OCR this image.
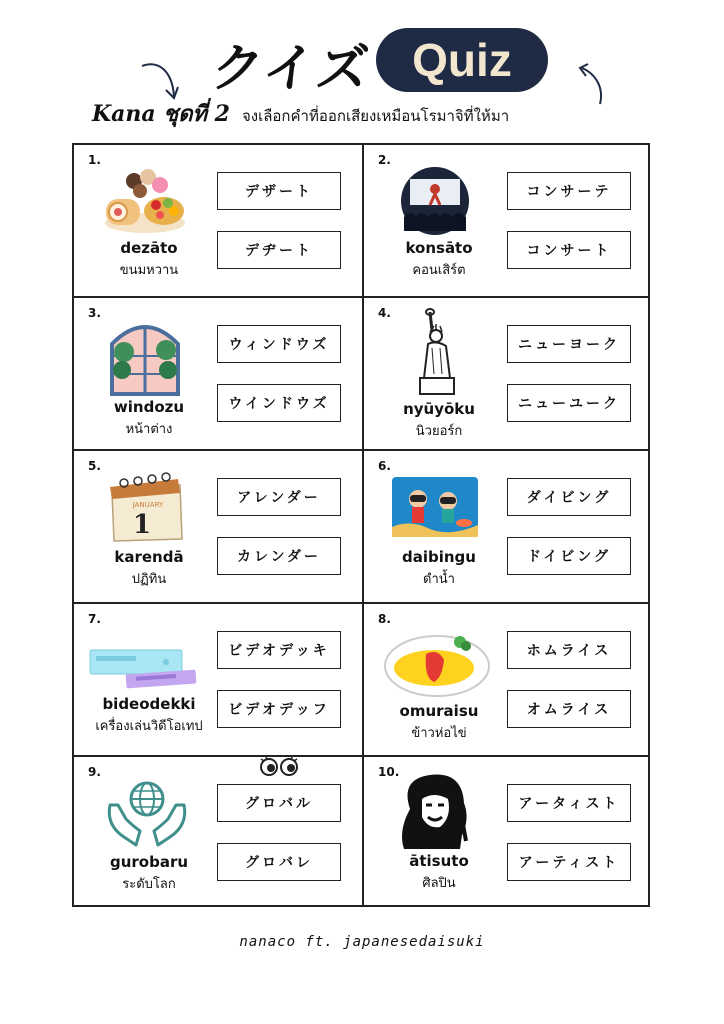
クイズ Quiz
Kana ชุดที่ 2 จงเลือกคำที่ออกเสียงเหมือนโรมาจิที่ให้มา
1.
dezāto
ขนมหวาน
デザート
デヂート
2.
konsāto
คอนเสิร์ต
コンサーテ
コンサート
3.
windozu
หน้าต่าง
ウィンドウズ
ウインドウズ
4.
nyūyōku
นิวยอร์ก
ニューヨーク
ニューユーク
5.
JANUARY
1
karendā
ปฏิทิน
アレンダー
カレンダー
6.
daibingu
ดำน้ำ
ダイビング
ドイビング
7.
bideodekki
เครื่องเล่นวิดีโอเทป
ビデオデッキ
ビデオデッフ
8.
omuraisu
ข้าวห่อไข่
ホムライス
オムライス
9.
gurobaru
ระดับโลก
グロバル
グロバレ
10.
ātisuto
ศิลปิน
アータィスト
アーティスト
nanaco ft. japanesedaisuki
